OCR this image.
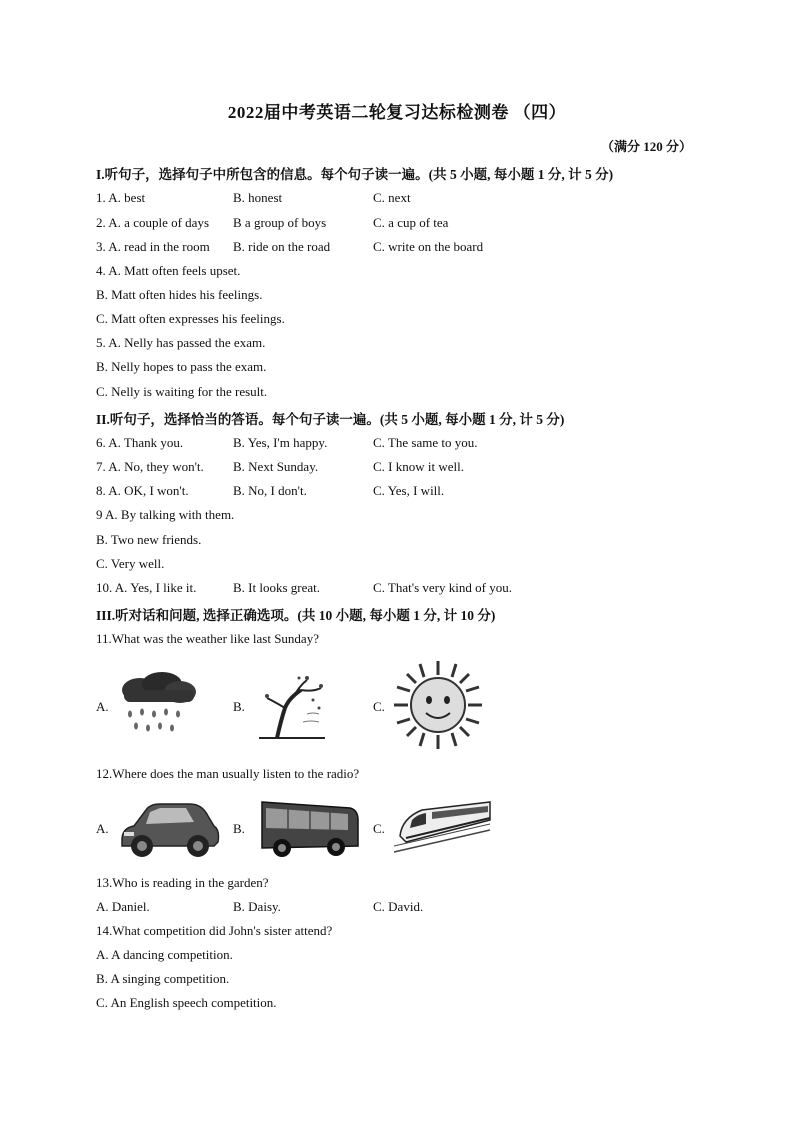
2022届中考英语二轮复习达标检测卷 （四）
（满分 120 分）
I.听句子，选择句子中所包含的信息。每个句子读一遍。(共 5 小题, 每小题 1 分, 计 5 分)
1. A. best	B. honest	C. next
2. A. a couple of days B a group of boys	C. a cup of tea
3. A. read in the room B. ride on the road	C. write on the board
4. A. Matt often feels upset.
B. Matt often hides his feelings.
C. Matt often expresses his feelings.
5. A. Nelly has passed the exam.
B. Nelly hopes to pass the exam.
C. Nelly is waiting for the result.
II.听句子，选择恰当的答语。每个句子读一遍。(共 5 小题, 每小题 1 分, 计 5 分)
6. A. Thank you.	B. Yes, I'm happy.	C. The same to you.
7. A. No, they won't. B. Next Sunday.	C. I know it well.
8. A. OK, I won't.	B. No, I don't.	C. Yes, I will.
9 A. By talking with them.
B. Two new friends.
C. Very well.
10. A. Yes, I like it.	B. It looks great.	C. That's very kind of you.
III.听对话和问题, 选择正确选项。(共 10 小题, 每小题 1 分, 计 10 分)
11.What was the weather like last Sunday?
A.	B.	C.
12.Where does the man usually listen to the radio?
A.	B.	C.
13.Who is reading in the garden?
A. Daniel.	B. Daisy.	C. David.
14.What competition did John's sister attend?
A. A dancing competition.
B. A singing competition.
C. An English speech competition.
